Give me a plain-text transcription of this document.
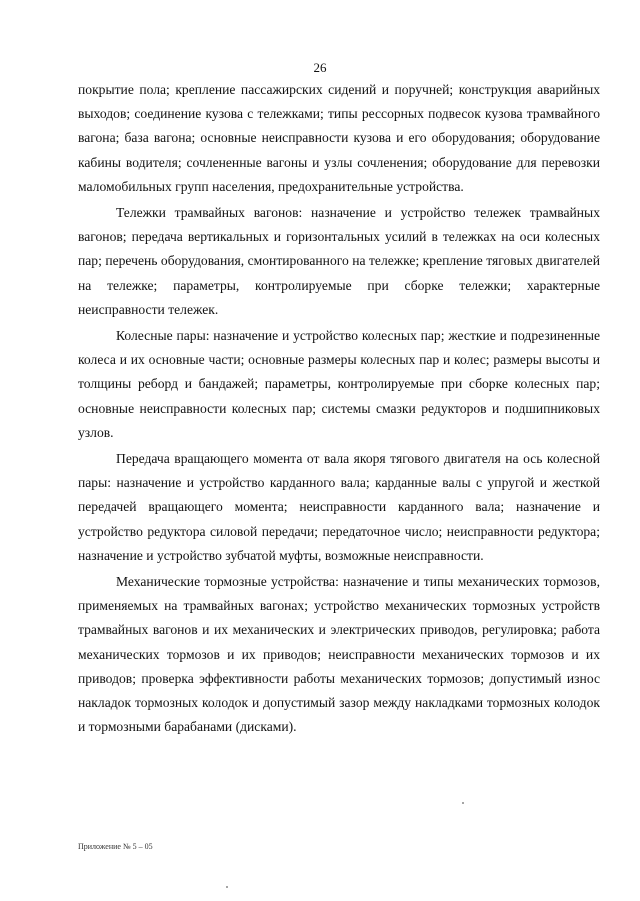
26

покрытие пола; крепление пассажирских сидений и поручней; конструкция аварийных выходов; соединение кузова с тележками; типы рессорных подвесок кузова трамвайного вагона; база вагона; основные неисправности кузова и его оборудования; оборудование кабины водителя; сочлененные вагоны и узлы сочленения; оборудование для перевозки маломобильных групп населения, предохранительные устройства.

Тележки трамвайных вагонов: назначение и устройство тележек трамвайных вагонов; передача вертикальных и горизонтальных усилий в тележках на оси колесных пар; перечень оборудования, смонтированного на тележке; крепление тяговых двигателей на тележке; параметры, контролируемые при сборке тележки; характерные неисправности тележек.

Колесные пары: назначение и устройство колесных пар; жесткие и подрезиненные колеса и их основные части; основные размеры колесных пар и колес; размеры высоты и толщины реборд и бандажей; параметры, контролируемые при сборке колесных пар; основные неисправности колесных пар; системы смазки редукторов и подшипниковых узлов.

Передача вращающего момента от вала якоря тягового двигателя на ось колесной пары: назначение и устройство карданного вала; карданные валы с упругой и жесткой передачей вращающего момента; неисправности карданного вала; назначение и устройство редуктора силовой передачи; передаточное число; неисправности редуктора; назначение и устройство зубчатой муфты, возможные неисправности.

Механические тормозные устройства: назначение и типы механических тормозов, применяемых на трамвайных вагонах; устройство механических тормозных устройств трамвайных вагонов и их механических и электрических приводов, регулировка; работа механических тормозов и их приводов; неисправности механических тормозов и их приводов; проверка эффективности работы механических тормозов; допустимый износ накладок тормозных колодок и допустимый зазор между накладками тормозных колодок и тормозными барабанами (дисками).

Приложение № 5 – 05
